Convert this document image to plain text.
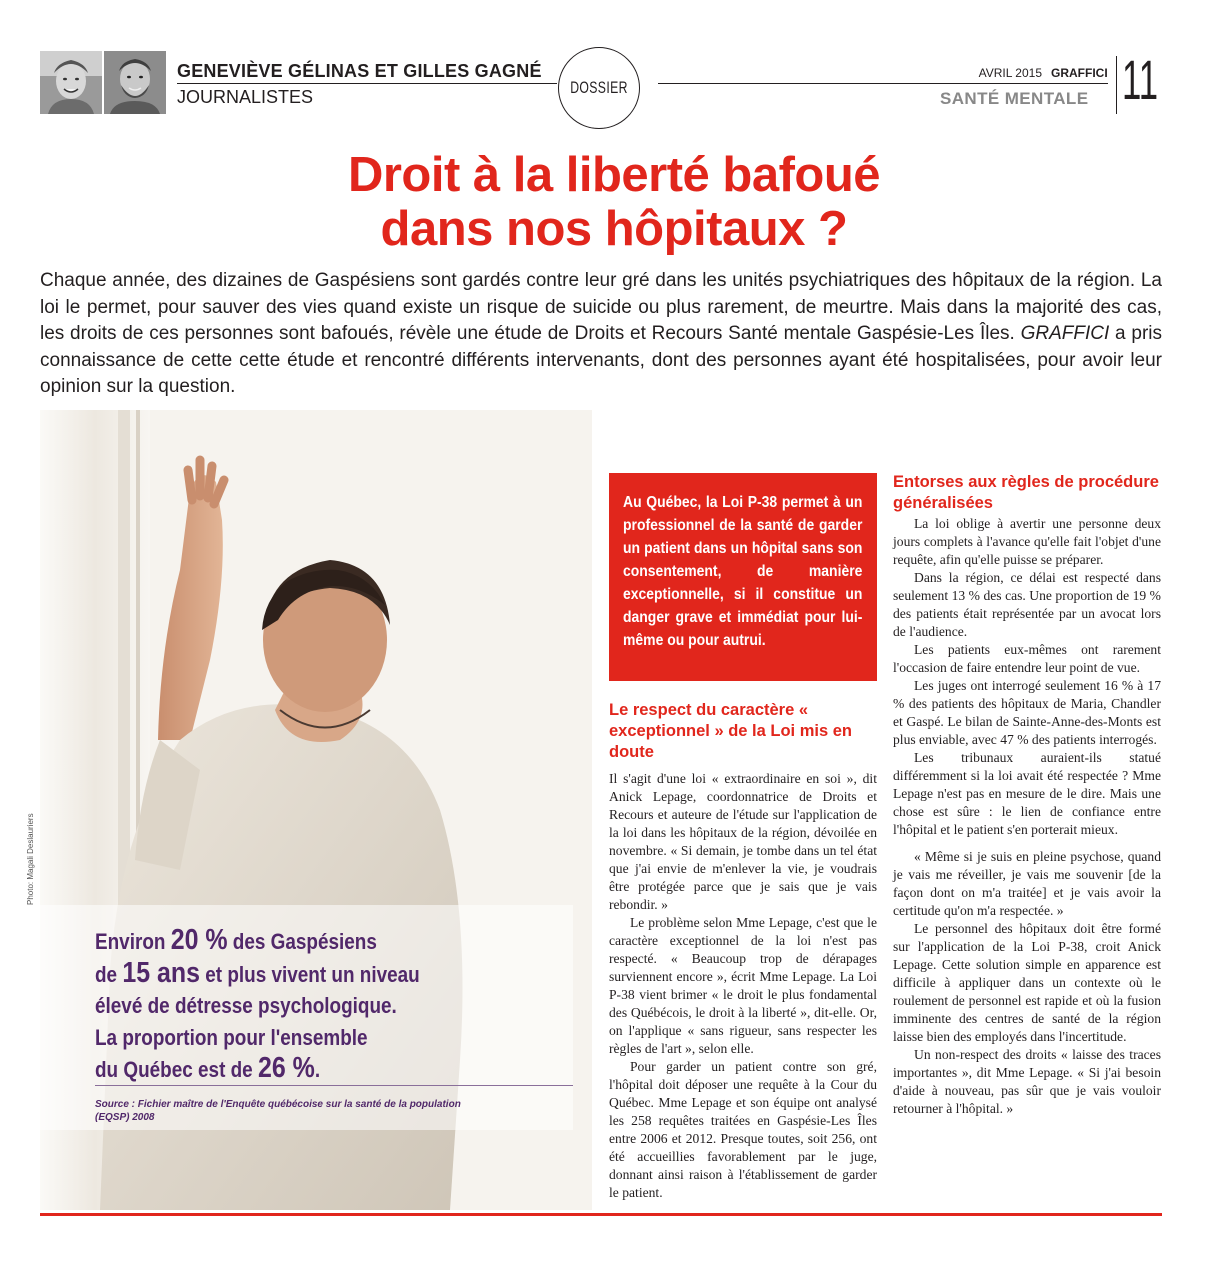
GENEVIÈVE GÉLINAS ET GILLES GAGNÉ
JOURNALISTES	DOSSIER
AVRIL 2015 GRAFFICI
SANTÉ MENTALE 11
Droit à la liberté bafoué
dans nos hôpitaux ?

Chaque année, des dizaines de Gaspésiens sont gardés contre leur gré dans les unités psychiatriques des hôpitaux de la région. La loi le permet, pour sauver des vies quand existe un risque de suicide ou plus rarement, de meurtre. Mais dans la majorité des cas, les droits de ces personnes sont bafoués, révèle une étude de Droits et Recours Santé mentale Gaspésie-Les Îles. GRAFFICI a pris connaissance de cette cette étude et rencontré différents intervenants, dont des personnes ayant été hospitalisées, pour avoir leur opinion sur la question.

Photo: Magali Deslauriers
Environ 20 % des Gaspésiens
de 15 ans et plus vivent un niveau
élevé de détresse psychologique.
La proportion pour l'ensemble
du Québec est de 26 %.
Source : Fichier maître de l'Enquête québécoise sur la santé de la population (EQSP) 2008
Au Québec, la Loi P-38 permet à un professionnel de la santé de garder un patient dans un hôpital sans son consentement, de manière exceptionnelle, si il constitue un danger grave et immédiat pour lui-même ou pour autrui.
Le respect du caractère « exceptionnel » de la Loi mis en doute

Il s'agit d'une loi « extraordinaire en soi », dit Anick Lepage, coordonnatrice de Droits et Recours et auteure de l'étude sur l'application de la loi dans les hôpitaux de la région, dévoilée en novembre. « Si demain, je tombe dans un tel état que j'ai envie de m'enlever la vie, je voudrais être protégée parce que je sais que je vais rebondir. »

Le problème selon Mme Lepage, c'est que le caractère exceptionnel de la loi n'est pas respecté. « Beaucoup trop de dérapages surviennent encore », écrit Mme Lepage. La Loi P-38 vient brimer « le droit le plus fondamental des Québécois, le droit à la liberté », dit-elle. Or, on l'applique « sans rigueur, sans respecter les règles de l'art », selon elle.

Pour garder un patient contre son gré, l'hôpital doit déposer une requête à la Cour du Québec. Mme Lepage et son équipe ont analysé les 258 requêtes traitées en Gaspésie-Les Îles entre 2006 et 2012. Presque toutes, soit 256, ont été accueillies favorablement par le juge, donnant ainsi raison à l'établissement de garder le patient.

Entorses aux règles de procédure généralisées

La loi oblige à avertir une personne deux jours complets à l'avance qu'elle fait l'objet d'une requête, afin qu'elle puisse se préparer.

Dans la région, ce délai est respecté dans seulement 13 % des cas. Une proportion de 19 % des patients était représentée par un avocat lors de l'audience.

Les patients eux-mêmes ont rarement l'occasion de faire entendre leur point de vue.

Les juges ont interrogé seulement 16 % à 17 % des patients des hôpitaux de Maria, Chandler et Gaspé. Le bilan de Sainte-Anne-des-Monts est plus enviable, avec 47 % des patients interrogés.

Les tribunaux auraient-ils statué différemment si la loi avait été respectée ? Mme Lepage n'est pas en mesure de le dire. Mais une chose est sûre : le lien de confiance entre l'hôpital et le patient s'en porterait mieux.

« Même si je suis en pleine psychose, quand je vais me réveiller, je vais me souvenir [de la façon dont on m'a traitée] et je vais avoir la certitude qu'on m'a respectée. »

Le personnel des hôpitaux doit être formé sur l'application de la Loi P-38, croit Anick Lepage. Cette solution simple en apparence est difficile à appliquer dans un contexte où le roulement de personnel est rapide et où la fusion imminente des centres de santé de la région laisse bien des employés dans l'incertitude.

Un non-respect des droits « laisse des traces importantes », dit Mme Lepage. « Si j'ai besoin d'aide à nouveau, pas sûr que je vais vouloir retourner à l'hôpital. »
